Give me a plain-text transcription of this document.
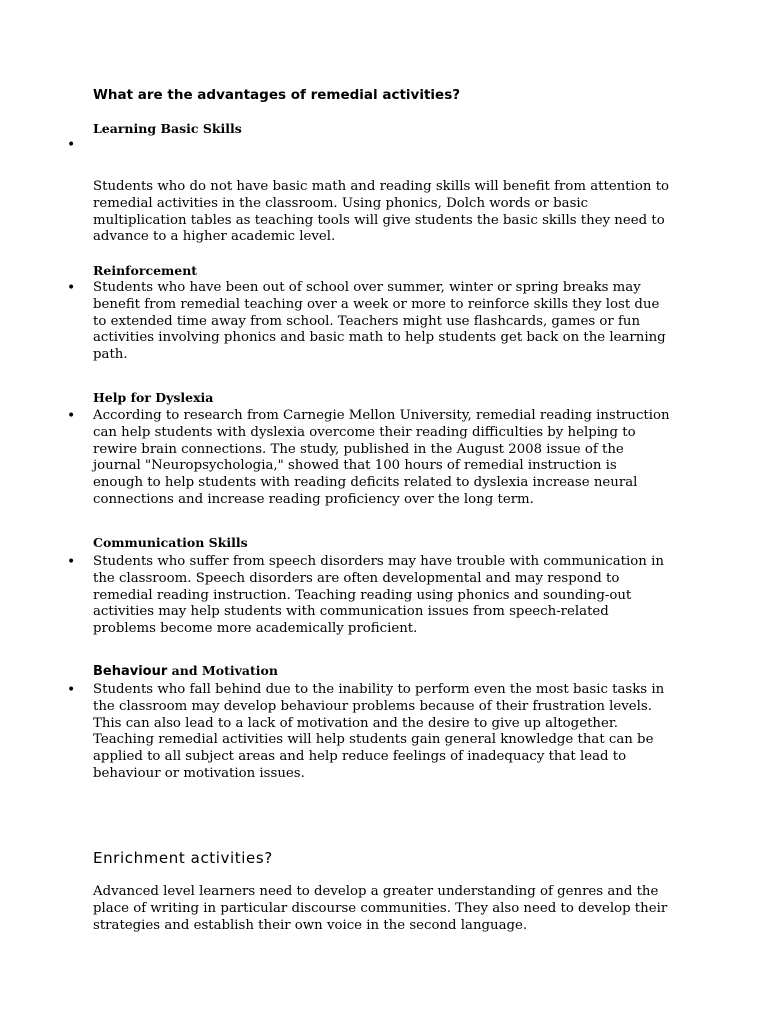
What are the advantages of remedial activities?
Learning Basic Skills
•

Students who do not have basic math and reading skills will benefit from attention to
remedial activities in the classroom. Using phonics, Dolch words or basic
multiplication tables as teaching tools will give students the basic skills they need to
advance to a higher academic level.

Reinforcement
• Students who have been out of school over summer, winter or spring breaks may
benefit from remedial teaching over a week or more to reinforce skills they lost due
to extended time away from school. Teachers might use flashcards, games or fun
activities involving phonics and basic math to help students get back on the learning
path.

Help for Dyslexia
• According to research from Carnegie Mellon University, remedial reading instruction
can help students with dyslexia overcome their reading difficulties by helping to
rewire brain connections. The study, published in the August 2008 issue of the
journal "Neuropsychologia," showed that 100 hours of remedial instruction is
enough to help students with reading deficits related to dyslexia increase neural
connections and increase reading proficiency over the long term.

Communication Skills
• Students who suffer from speech disorders may have trouble with communication in
the classroom. Speech disorders are often developmental and may respond to
remedial reading instruction. Teaching reading using phonics and sounding-out
activities may help students with communication issues from speech-related
problems become more academically proficient.

Behaviour and Motivation
• Students who fall behind due to the inability to perform even the most basic tasks in
the classroom may develop behaviour problems because of their frustration levels.
This can also lead to a lack of motivation and the desire to give up altogether.
Teaching remedial activities will help students gain general knowledge that can be
applied to all subject areas and help reduce feelings of inadequacy that lead to
behaviour or motivation issues.

Enrichment activities?

Advanced level learners need to develop a greater understanding of genres and the
place of writing in particular discourse communities. They also need to develop their
strategies and establish their own voice in the second language.
